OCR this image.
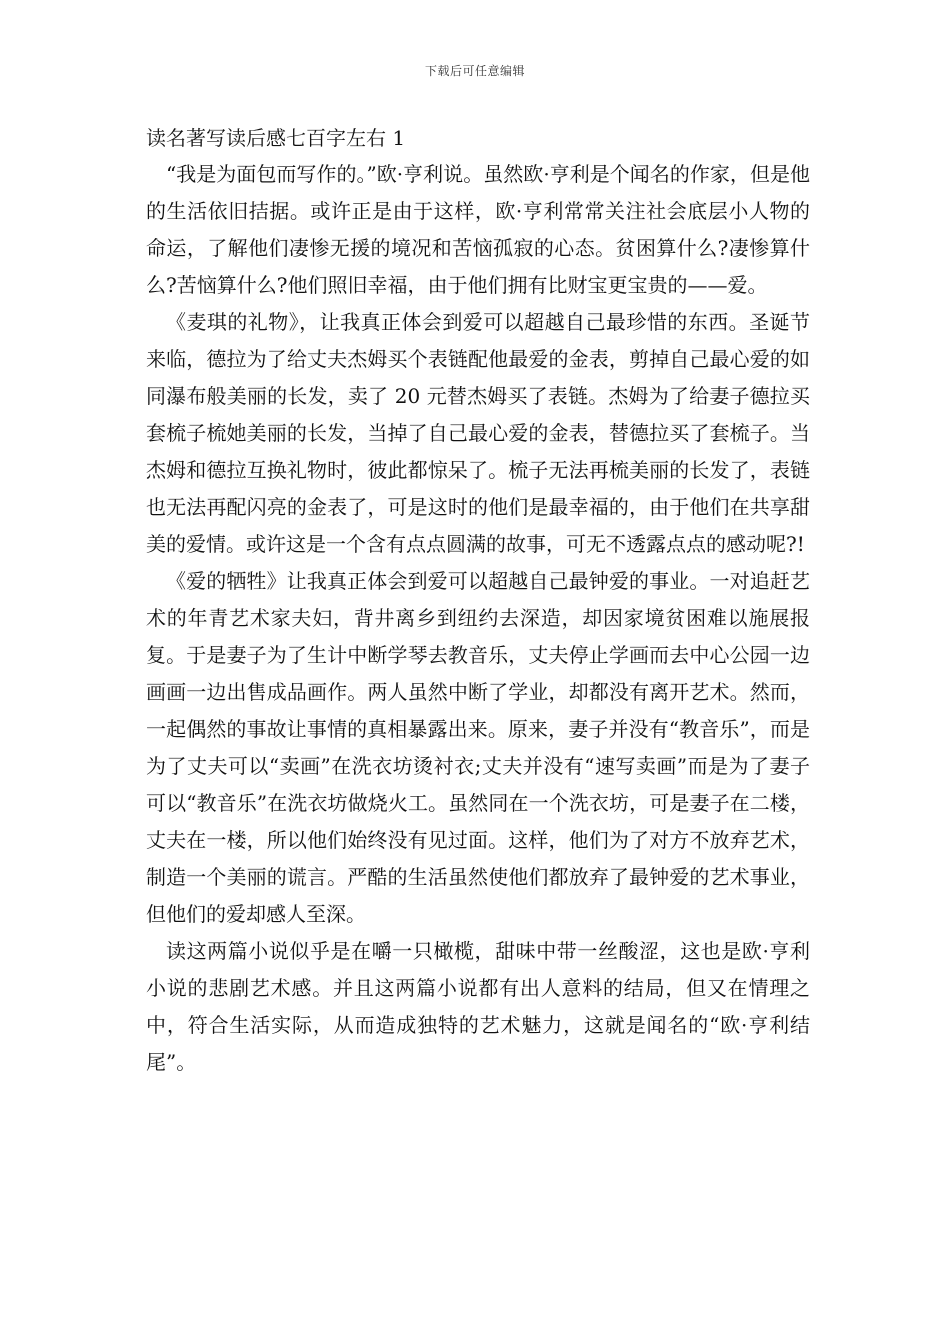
下载后可任意编辑
读名著写读后感七百字左右 1

“我是为面包而写作的。”欧·亨利说。虽然欧·亨利是个闻名的作家，但是他的生活依旧拮据。或许正是由于这样，欧·亨利常常关注社会底层小人物的命运，了解他们凄惨无援的境况和苦恼孤寂的心态。贫困算什么?凄惨算什么?苦恼算什么?他们照旧幸福，由于他们拥有比财宝更宝贵的——爱。

《麦琪的礼物》，让我真正体会到爱可以超越自己最珍惜的东西。圣诞节来临，德拉为了给丈夫杰姆买个表链配他最爱的金表，剪掉自己最心爱的如同瀑布般美丽的长发，卖了 20 元替杰姆买了表链。杰姆为了给妻子德拉买套梳子梳她美丽的长发，当掉了自己最心爱的金表，替德拉买了套梳子。当杰姆和德拉互换礼物时，彼此都惊呆了。梳子无法再梳美丽的长发了，表链也无法再配闪亮的金表了，可是这时的他们是最幸福的，由于他们在共享甜美的爱情。或许这是一个含有点点圆满的故事，可无不透露点点的感动呢?!

《爱的牺牲》让我真正体会到爱可以超越自己最钟爱的事业。一对追赶艺术的年青艺术家夫妇，背井离乡到纽约去深造，却因家境贫困难以施展报复。于是妻子为了生计中断学琴去教音乐，丈夫停止学画而去中心公园一边画画一边出售成品画作。两人虽然中断了学业，却都没有离开艺术。然而，一起偶然的事故让事情的真相暴露出来。原来，妻子并没有“教音乐”，而是为了丈夫可以“卖画”在洗衣坊烫衬衣;丈夫并没有“速写卖画”而是为了妻子可以“教音乐”在洗衣坊做烧火工。虽然同在一个洗衣坊，可是妻子在二楼，丈夫在一楼，所以他们始终没有见过面。这样，他们为了对方不放弃艺术，制造一个美丽的谎言。严酷的生活虽然使他们都放弃了最钟爱的艺术事业，但他们的爱却感人至深。

读这两篇小说似乎是在嚼一只橄榄，甜味中带一丝酸涩，这也是欧·亨利小说的悲剧艺术感。并且这两篇小说都有出人意料的结局，但又在情理之中，符合生活实际，从而造成独特的艺术魅力，这就是闻名的“欧·亨利结尾”。
